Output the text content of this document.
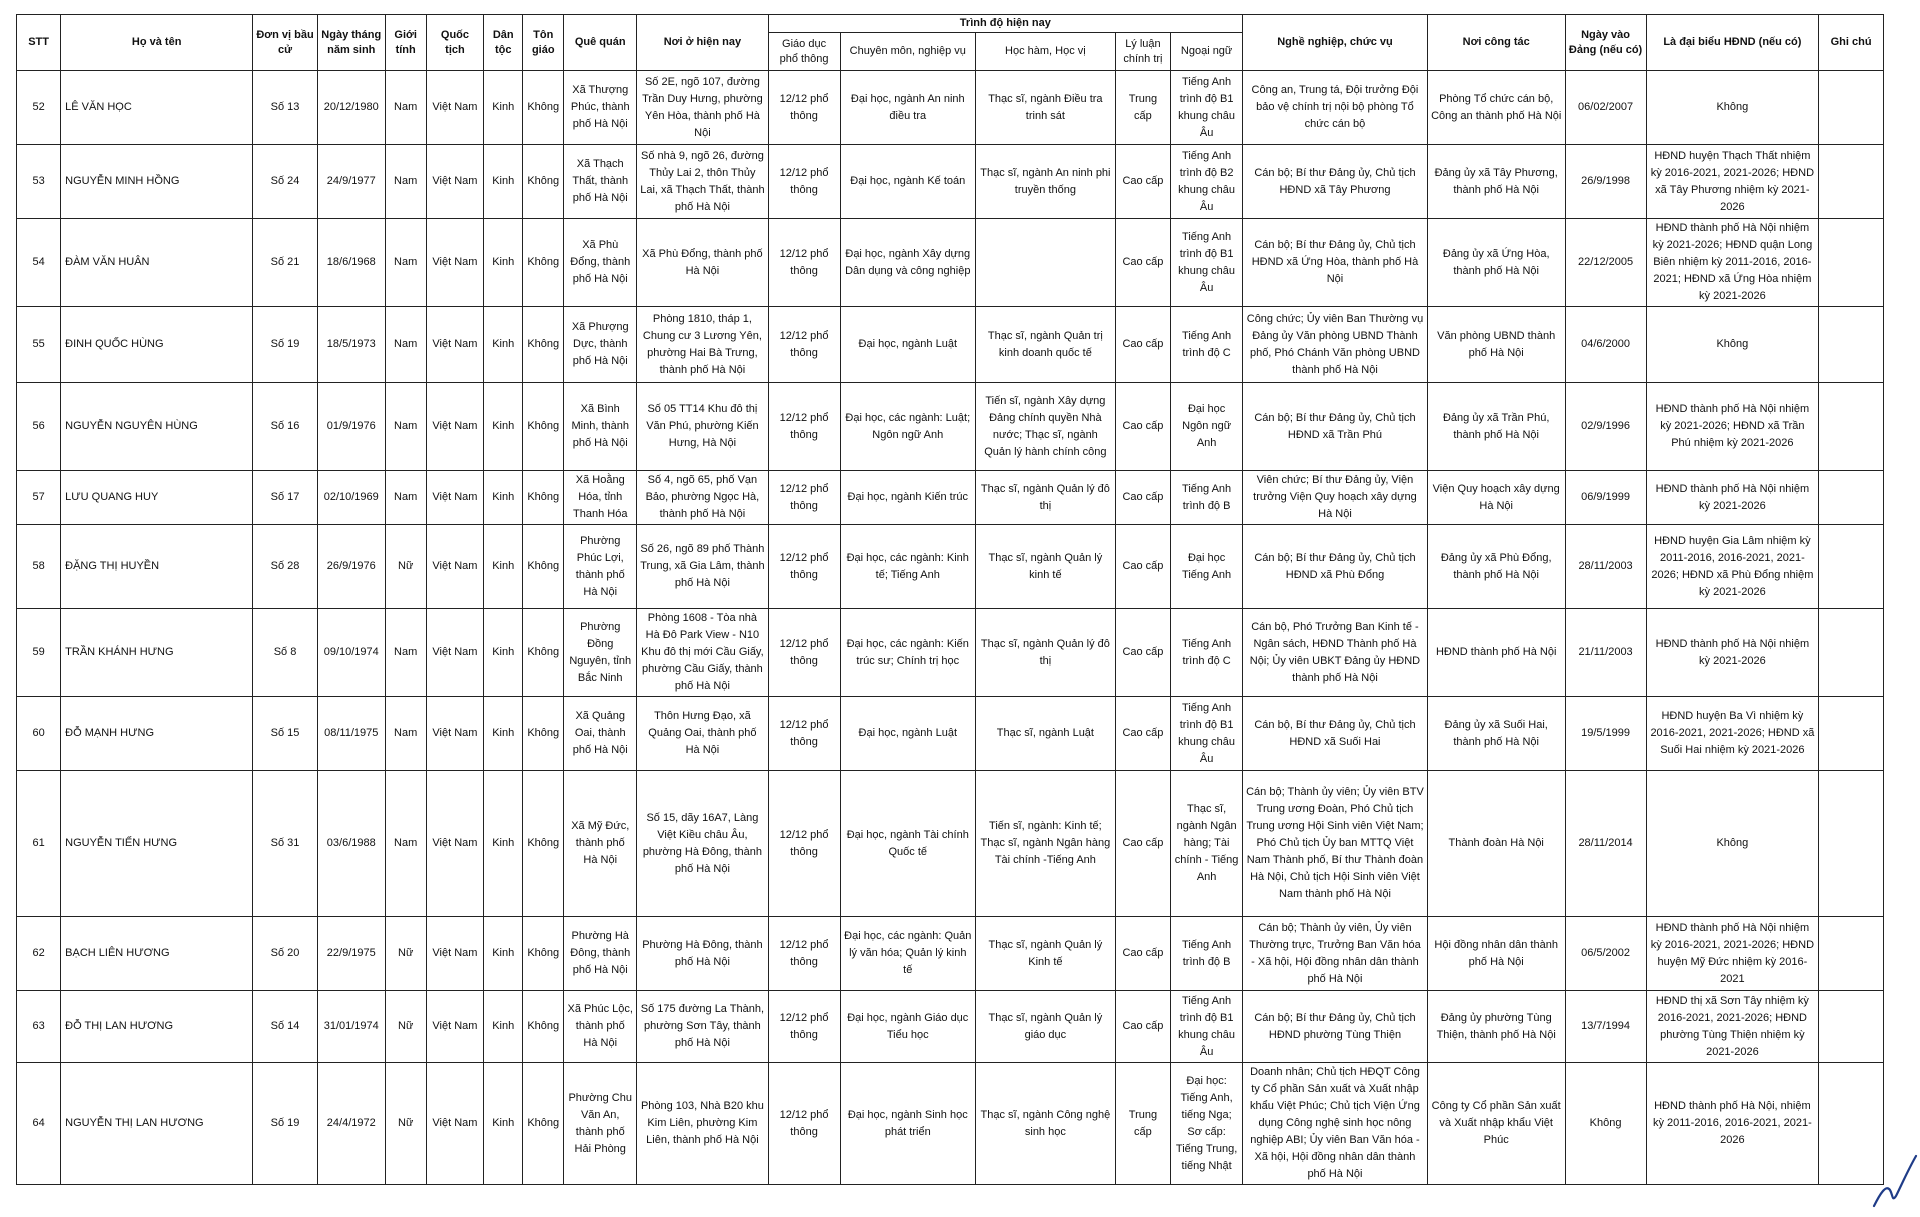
STT	Họ và tên	Đơn vị bầu cử	Ngày tháng năm sinh	Giới tính	Quốc tịch	Dân tộc	Tôn giáo	Quê quán	Nơi ở hiện nay	Trình độ hiện nay					Nghề nghiệp, chức vụ	Nơi công tác	Ngày vào Đảng (nếu có)	Là đại biểu HĐND (nếu có)	Ghi chú
										Giáo dục phổ thông	Chuyên môn, nghiệp vụ	Học hàm, Học vị	Lý luận chính trị	Ngoại ngữ					
52	LÊ VĂN HỌC	Số 13	20/12/1980	Nam	Việt Nam	Kinh	Không	Xã Thượng Phúc, thành phố Hà Nội	Số 2E, ngõ 107, đường Trần Duy Hưng, phường Yên Hòa, thành phố Hà Nội	12/12 phổ thông	Đại học, ngành An ninh điều tra	Thạc sĩ, ngành Điều tra trinh sát	Trung cấp	Tiếng Anh trình độ B1 khung châu Âu	Công an, Trung tá, Đội trưởng Đội bảo vệ chính trị nội bộ phòng Tổ chức cán bộ	Phòng Tổ chức cán bộ, Công an thành phố Hà Nội	06/02/2007	Không	
53	NGUYỄN MINH HỒNG	Số 24	24/9/1977	Nam	Việt Nam	Kinh	Không	Xã Thạch Thất, thành phố Hà Nội	Số nhà 9, ngõ 26, đường Thủy Lai 2, thôn Thủy Lai, xã Thạch Thất, thành phố Hà Nội	12/12 phổ thông	Đại học, ngành Kế toán	Thạc sĩ, ngành An ninh phi truyền thống	Cao cấp	Tiếng Anh trình độ B2 khung châu Âu	Cán bộ; Bí thư Đảng ủy, Chủ tịch HĐND xã Tây Phương	Đảng ủy xã Tây Phương, thành phố Hà Nội	26/9/1998	HĐND huyện Thạch Thất nhiệm kỳ 2016-2021, 2021-2026; HĐND xã Tây Phương nhiệm kỳ 2021-2026	
54	ĐÀM VĂN HUÂN	Số 21	18/6/1968	Nam	Việt Nam	Kinh	Không	Xã Phù Đổng, thành phố Hà Nội	Xã Phù Đổng, thành phố Hà Nội	12/12 phổ thông	Đại học, ngành Xây dựng Dân dụng và công nghiệp		Cao cấp	Tiếng Anh trình độ B1 khung châu Âu	Cán bộ; Bí thư Đảng ủy, Chủ tịch HĐND xã Ứng Hòa, thành phố Hà Nội	Đảng ủy xã Ứng Hòa, thành phố Hà Nội	22/12/2005	HĐND thành phố Hà Nội nhiệm kỳ 2021-2026; HĐND quận Long Biên nhiệm kỳ 2011-2016, 2016-2021; HĐND xã Ứng Hòa nhiệm kỳ 2021-2026	
55	ĐINH QUỐC HÙNG	Số 19	18/5/1973	Nam	Việt Nam	Kinh	Không	Xã Phượng Dực, thành phố Hà Nội	Phòng 1810, tháp 1, Chung cư 3 Lương Yên, phường Hai Bà Trưng, thành phố Hà Nội	12/12 phổ thông	Đại học, ngành Luật	Thạc sĩ, ngành Quản trị kinh doanh quốc tế	Cao cấp	Tiếng Anh trình độ C	Công chức; Ủy viên Ban Thường vụ Đảng ủy Văn phòng UBND Thành phố, Phó Chánh Văn phòng UBND thành phố Hà Nội	Văn phòng UBND thành phố Hà Nội	04/6/2000	Không	
56	NGUYỄN NGUYÊN HÙNG	Số 16	01/9/1976	Nam	Việt Nam	Kinh	Không	Xã Bình Minh, thành phố Hà Nội	Số 05 TT14 Khu đô thị Văn Phú, phường Kiến Hưng, Hà Nội	12/12 phổ thông	Đại học, các ngành: Luật; Ngôn ngữ Anh	Tiến sĩ, ngành Xây dựng Đảng chính quyền Nhà nước; Thạc sĩ, ngành Quản lý hành chính công	Cao cấp	Đại học Ngôn ngữ Anh	Cán bộ; Bí thư Đảng ủy, Chủ tịch HĐND xã Trần Phú	Đảng ủy xã Trần Phú, thành phố Hà Nội	02/9/1996	HĐND thành phố Hà Nội nhiệm kỳ 2021-2026; HĐND xã Trần Phú nhiệm kỳ 2021-2026	
57	LƯU QUANG HUY	Số 17	02/10/1969	Nam	Việt Nam	Kinh	Không	Xã Hoằng Hóa, tỉnh Thanh Hóa	Số 4, ngõ 65, phố Vạn Bảo, phường Ngọc Hà, thành phố Hà Nội	12/12 phổ thông	Đại học, ngành Kiến trúc	Thạc sĩ, ngành Quản lý đô thị	Cao cấp	Tiếng Anh trình độ B	Viên chức; Bí thư Đảng ủy, Viện trưởng Viện Quy hoạch xây dựng Hà Nội	Viện Quy hoạch xây dựng Hà Nội	06/9/1999	HĐND thành phố Hà Nội nhiệm kỳ 2021-2026	
58	ĐẶNG THỊ HUYỀN	Số 28	26/9/1976	Nữ	Việt Nam	Kinh	Không	Phường Phúc Lợi, thành phố Hà Nội	Số 26, ngõ 89 phố Thành Trung, xã Gia Lâm, thành phố Hà Nội	12/12 phổ thông	Đại học, các ngành: Kinh tế; Tiếng Anh	Thạc sĩ, ngành Quản lý kinh tế	Cao cấp	Đại học Tiếng Anh	Cán bộ; Bí thư Đảng ủy, Chủ tịch HĐND xã Phù Đổng	Đảng ủy xã Phù Đổng, thành phố Hà Nội	28/11/2003	HĐND huyện Gia Lâm nhiệm kỳ 2011-2016, 2016-2021, 2021-2026; HĐND xã Phù Đổng nhiệm kỳ 2021-2026	
59	TRẦN KHÁNH HƯNG	Số 8	09/10/1974	Nam	Việt Nam	Kinh	Không	Phường Đồng Nguyên, tỉnh Bắc Ninh	Phòng 1608 - Tòa nhà Hà Đô Park View - N10 Khu đô thị mới Cầu Giấy, phường Cầu Giấy, thành phố Hà Nội	12/12 phổ thông	Đại học, các ngành: Kiến trúc sư; Chính trị học	Thạc sĩ, ngành Quản lý đô thị	Cao cấp	Tiếng Anh trình độ C	Cán bộ, Phó Trưởng Ban Kinh tế - Ngân sách, HĐND Thành phố Hà Nội; Ủy viên UBKT Đảng ủy HĐND thành phố Hà Nội	HĐND thành phố Hà Nội	21/11/2003	HĐND thành phố Hà Nội nhiệm kỳ 2021-2026	
60	ĐỖ MẠNH HƯNG	Số 15	08/11/1975	Nam	Việt Nam	Kinh	Không	Xã Quảng Oai, thành phố Hà Nội	Thôn Hưng Đạo, xã Quảng Oai, thành phố Hà Nội	12/12 phổ thông	Đại học, ngành Luật	Thạc sĩ, ngành Luật	Cao cấp	Tiếng Anh trình độ B1 khung châu Âu	Cán bộ, Bí thư Đảng ủy, Chủ tịch HĐND xã Suối Hai	Đảng ủy xã Suối Hai, thành phố Hà Nội	19/5/1999	HĐND huyện Ba Vì nhiệm kỳ 2016-2021, 2021-2026; HĐND xã Suối Hai nhiệm kỳ 2021-2026	
61	NGUYỄN TIẾN HƯNG	Số 31	03/6/1988	Nam	Việt Nam	Kinh	Không	Xã Mỹ Đức, thành phố Hà Nội	Số 15, dãy 16A7, Làng Việt Kiều châu Âu, phường Hà Đông, thành phố Hà Nội	12/12 phổ thông	Đại học, ngành Tài chính Quốc tế	Tiến sĩ, ngành: Kinh tế; Thạc sĩ, ngành Ngân hàng Tài chính -Tiếng Anh	Cao cấp	Thạc sĩ, ngành Ngân hàng; Tài chính - Tiếng Anh	Cán bộ; Thành ủy viên; Ủy viên BTV Trung ương Đoàn, Phó Chủ tịch Trung ương Hội Sinh viên Việt Nam; Phó Chủ tịch Ủy ban MTTQ Việt Nam Thành phố, Bí thư Thành đoàn Hà Nội, Chủ tịch Hội Sinh viên Việt Nam thành phố Hà Nội	Thành đoàn Hà Nội	28/11/2014	Không	
62	BẠCH LIÊN HƯƠNG	Số 20	22/9/1975	Nữ	Việt Nam	Kinh	Không	Phường Hà Đông, thành phố Hà Nội	Phường Hà Đông, thành phố Hà Nội	12/12 phổ thông	Đại học, các ngành: Quản lý văn hóa; Quản lý kinh tế	Thạc sĩ, ngành Quản lý Kinh tế	Cao cấp	Tiếng Anh trình độ B	Cán bộ; Thành ủy viên, Ủy viên Thường trực, Trưởng Ban Văn hóa - Xã hội, Hội đồng nhân dân thành phố Hà Nội	Hội đồng nhân dân thành phố Hà Nội	06/5/2002	HĐND thành phố Hà Nội nhiệm kỳ 2016-2021, 2021-2026; HĐND huyện Mỹ Đức nhiệm kỳ 2016-2021	
63	ĐỖ THỊ LAN HƯƠNG	Số 14	31/01/1974	Nữ	Việt Nam	Kinh	Không	Xã Phúc Lộc, thành phố Hà Nội	Số 175 đường La Thành, phường Sơn Tây, thành phố Hà Nội	12/12 phổ thông	Đại học, ngành Giáo dục Tiểu học	Thạc sĩ, ngành Quản lý giáo dục	Cao cấp	Tiếng Anh trình độ B1 khung châu Âu	Cán bộ; Bí thư Đảng ủy, Chủ tịch HĐND phường Tùng Thiện	Đảng ủy phường Tùng Thiện, thành phố Hà Nội	13/7/1994	HĐND thị xã Sơn Tây nhiệm kỳ 2016-2021, 2021-2026; HĐND phường Tùng Thiện nhiệm kỳ 2021-2026	
64	NGUYỄN THỊ LAN HƯƠNG	Số 19	24/4/1972	Nữ	Việt Nam	Kinh	Không	Phường Chu Văn An, thành phố Hải Phòng	Phòng 103, Nhà B20 khu Kim Liên, phường Kim Liên, thành phố Hà Nội	12/12 phổ thông	Đại học, ngành Sinh học phát triển	Thạc sĩ, ngành Công nghệ sinh học	Trung cấp	Đại học: Tiếng Anh, tiếng Nga; Sơ cấp: Tiếng Trung, tiếng Nhật	Doanh nhân; Chủ tịch HĐQT Công ty Cổ phần Sản xuất và Xuất nhập khẩu Việt Phúc; Chủ tịch Viện Ứng dụng Công nghệ sinh học nông nghiệp ABI; Ủy viên Ban Văn hóa - Xã hội, Hội đồng nhân dân thành phố Hà Nội	Công ty Cổ phần Sản xuất và Xuất nhập khẩu Việt Phúc	Không	HĐND thành phố Hà Nội, nhiệm kỳ 2011-2016, 2016-2021, 2021-2026	
